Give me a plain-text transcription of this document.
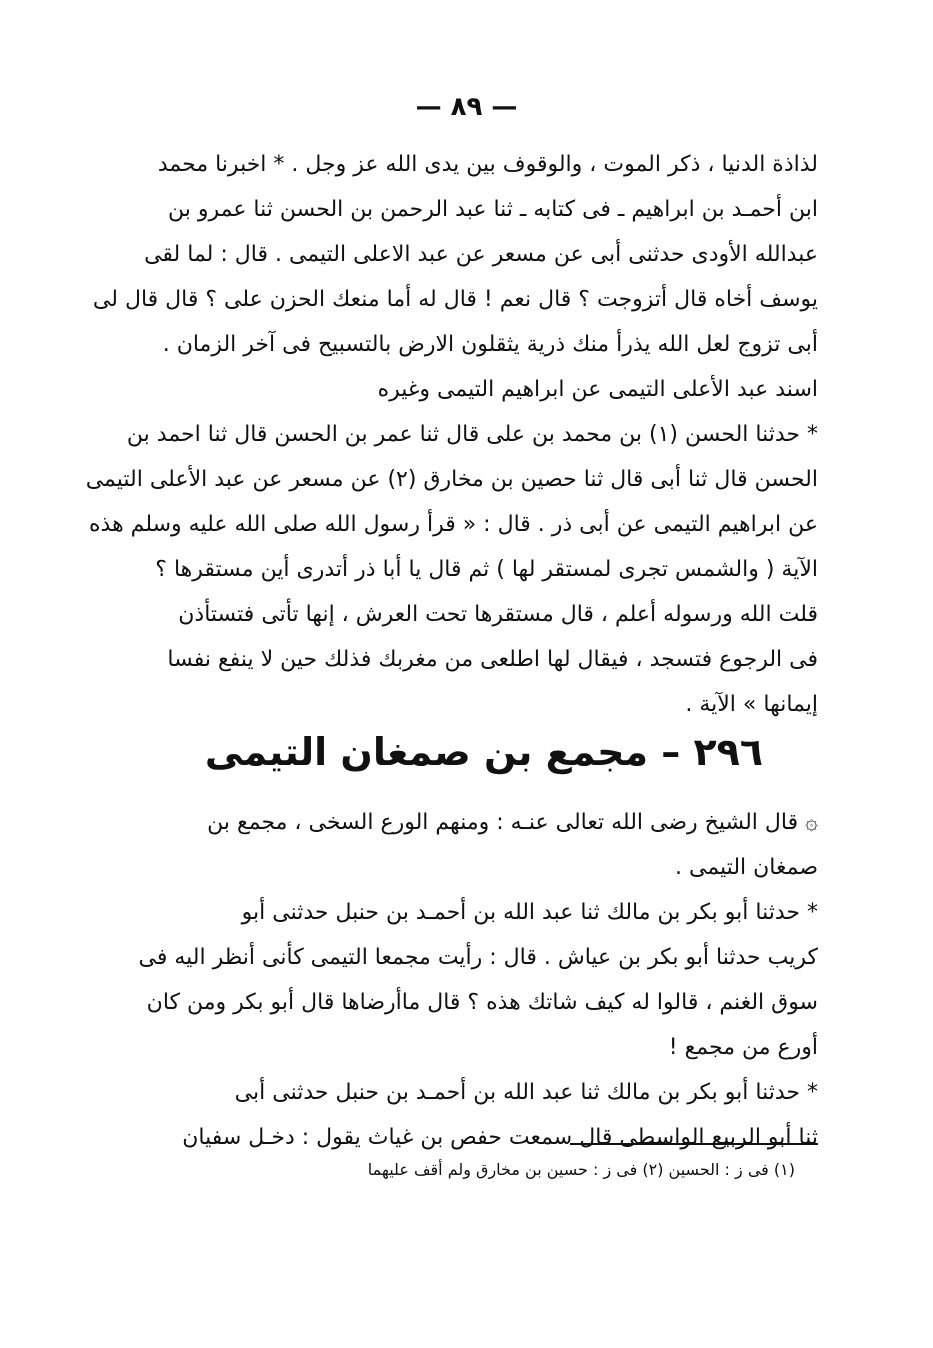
— ٨٩ —
لذاذة الدنيا ، ذكر الموت ، والوقوف بين يدى الله عز وجل . * اخبرنا محمد
ابن أحمـد بن ابراهيم ـ فى كتابه ـ ثنا عبد الرحمن بن الحسن ثنا عمرو بن
عبدالله الأودى حدثنى أبى عن مسعر عن عبد الاعلى التيمى . قال : لما لقى
يوسف أخاه قال أتزوجت ؟ قال نعم ! قال له أما منعك الحزن على ؟ قال قال لى
أبى تزوج لعل الله يذرأ منك ذرية يثقلون الارض بالتسبيح فى آخر الزمان .
اسند عبد الأعلى التيمى عن ابراهيم التيمى وغيره
* حدثنا الحسن (١) بن محمد بن على قال ثنا عمر بن الحسن قال ثنا احمد بن
الحسن قال ثنا أبى قال ثنا حصين بن مخارق (٢) عن مسعر عن عبد الأعلى التيمى
عن ابراهيم التيمى عن أبى ذر . قال : « قرأ رسول الله صلى الله عليه وسلم هذه
الآية ( والشمس تجرى لمستقر لها ) ثم قال يا أبا ذر أتدرى أين مستقرها ؟
قلت الله ورسوله أعلم ، قال مستقرها تحت العرش ، إنها تأتى فتستأذن
فى الرجوع فتسجد ، فيقال لها اطلعى من مغربك فذلك حين لا ينفع نفسا
إيمانها » الآية .
٢٩٦ – مجمع بن صمغان التيمى
۞ قال الشيخ رضى الله تعالى عنـه : ومنهم الورع السخى ، مجمع بن
صمغان التيمى .
* حدثنا أبو بكر بن مالك ثنا عبد الله بن أحمـد بن حنبل حدثنى أبو
كريب حدثنا أبو بكر بن عياش . قال : رأيت مجمعا التيمى كأنى أنظر اليه فى
سوق الغنم ، قالوا له كيف شاتك هذه ؟ قال ماأرضاها قال أبو بكر ومن كان
أورع من مجمع !
* حدثنا أبو بكر بن مالك ثنا عبد الله بن أحمـد بن حنبل حدثنى أبى
ثنا أبو الربيع الواسطى قال سمعت حفص بن غياث يقول : دخـل سفيان
(١) فى ز : الحسين (٢) فى ز : حسين بن مخارق ولم أقف عليهما
